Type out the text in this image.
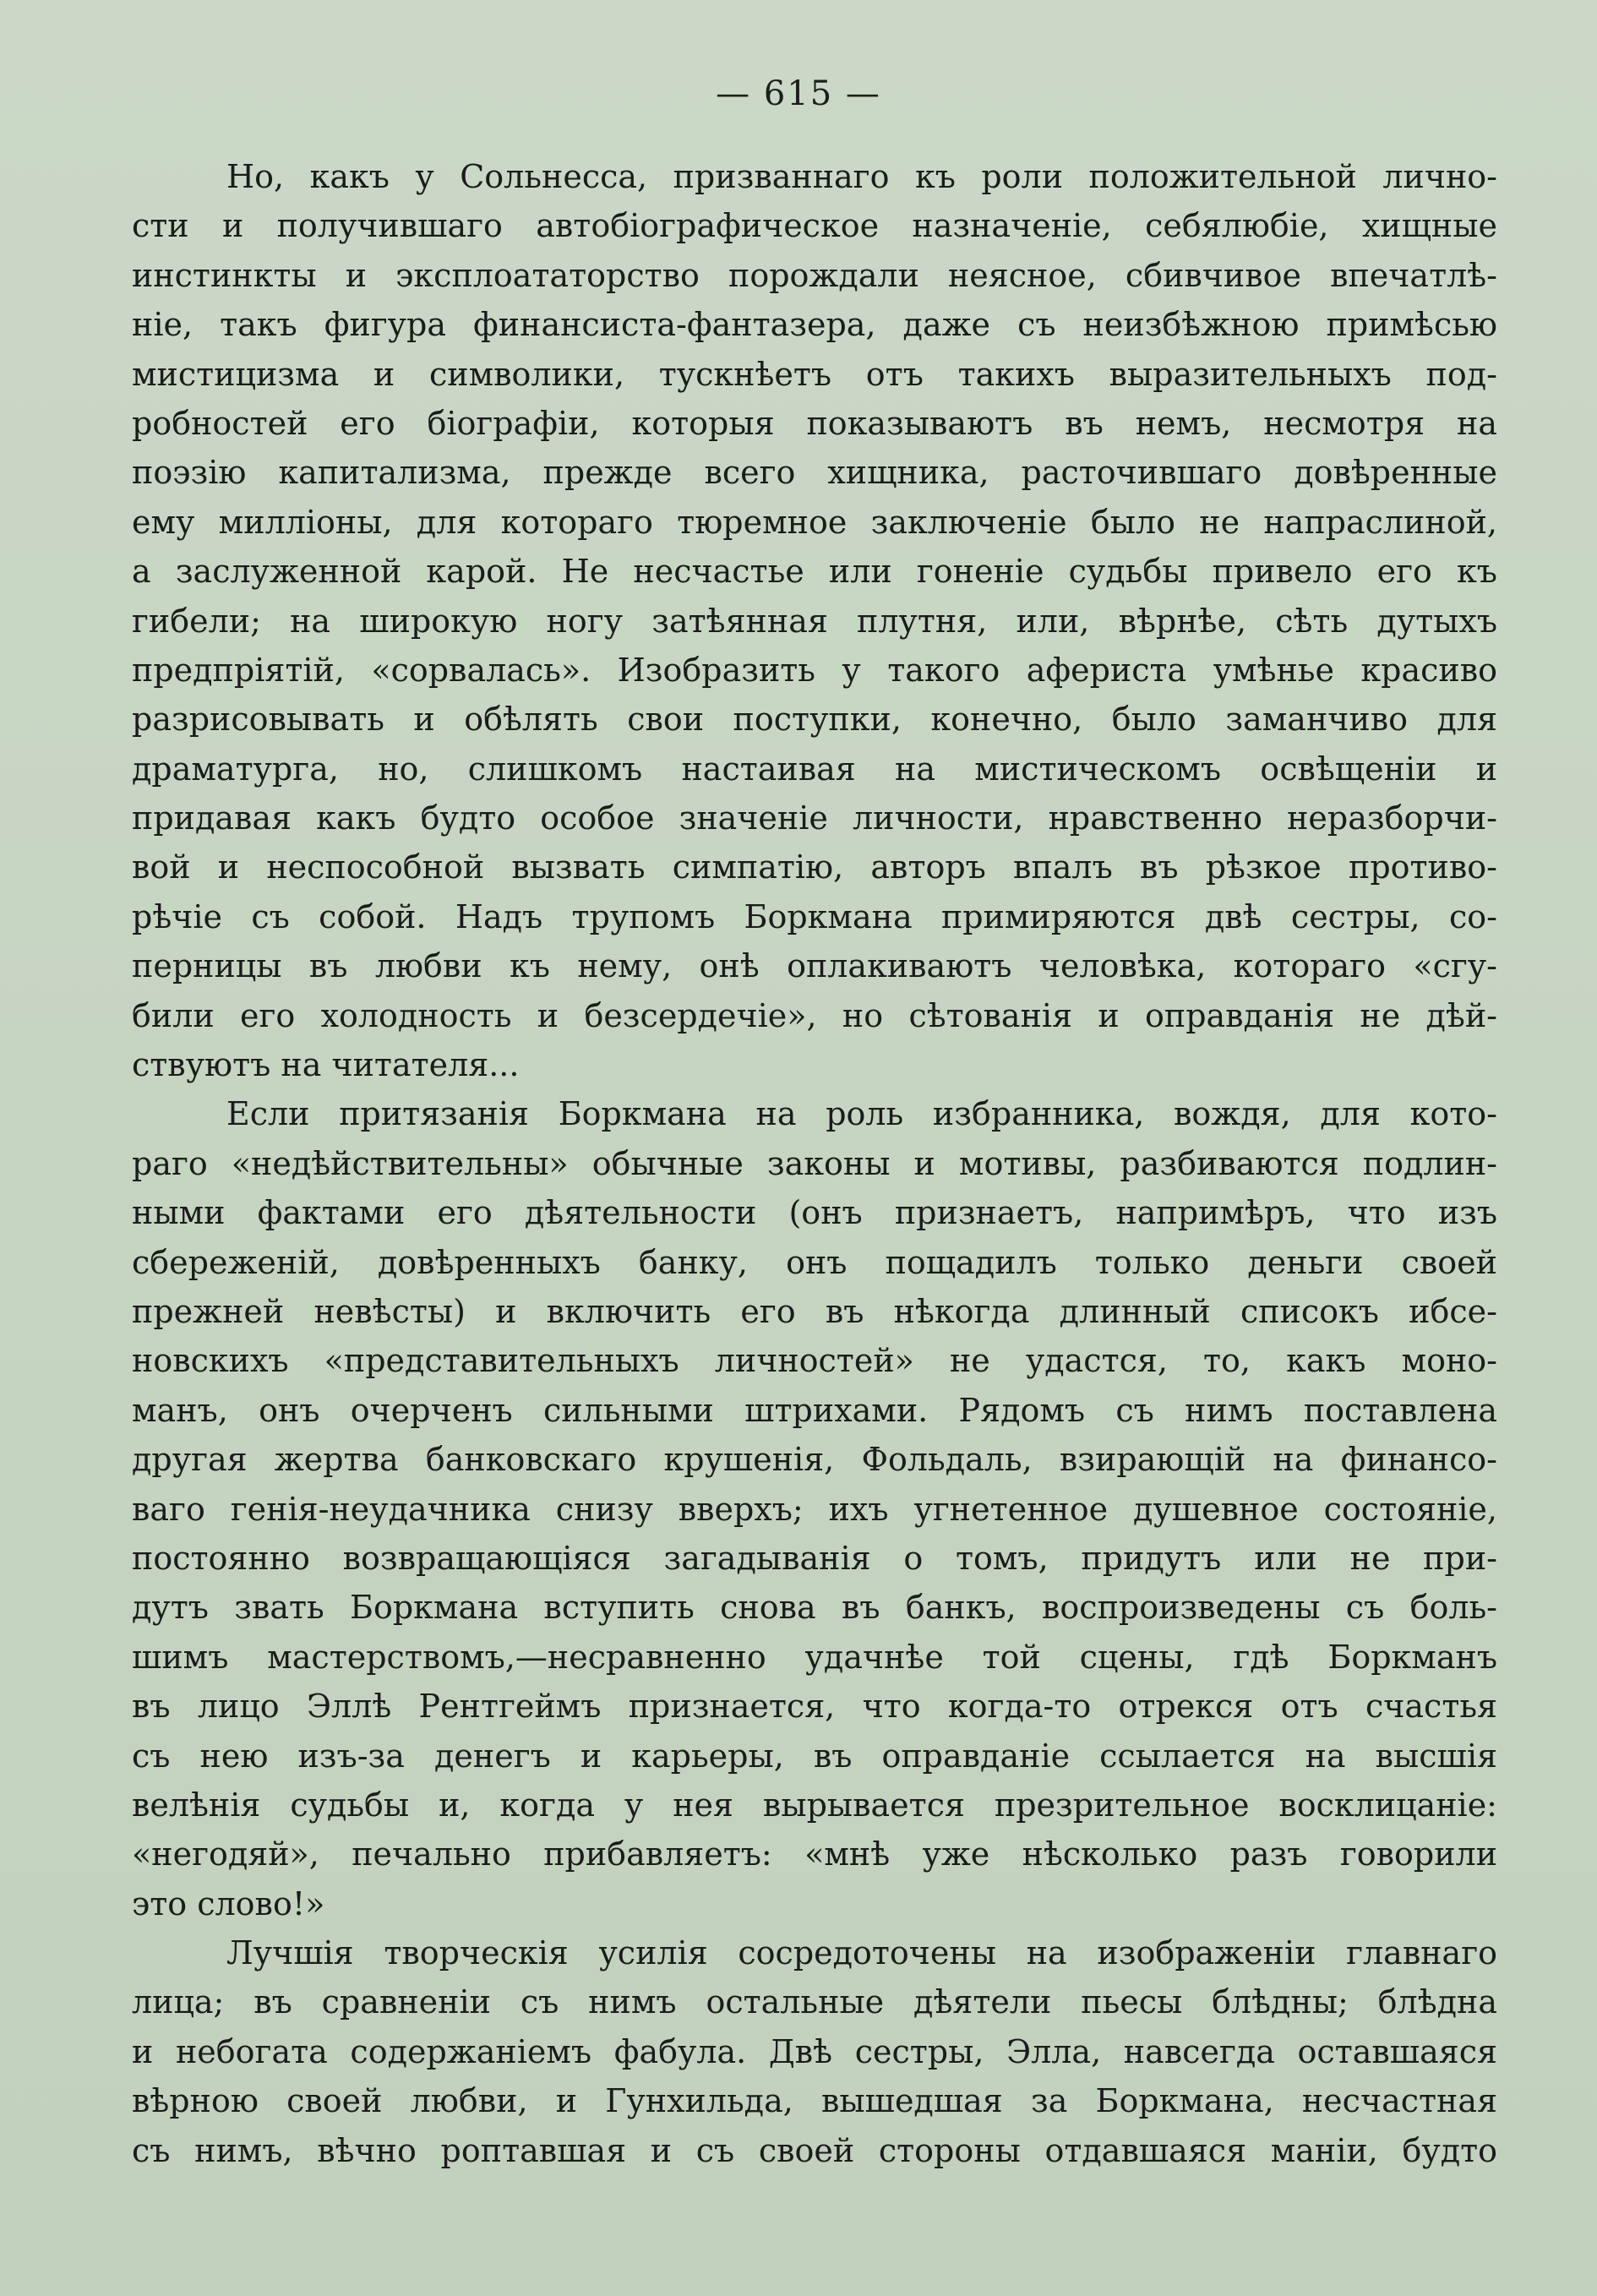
— 615 —
Но, какъ у Сольнесса, призваннаго къ роли положительной лично-
сти и получившаго автобіографическое назначеніе, себялюбіе, хищные
инстинкты и эксплоататорство порождали неясное, сбивчивое впечатлѣ-
ніе, такъ фигура финансиста-фантазера, даже съ неизбѣжною примѣсью
мистицизма и символики, тускнѣетъ отъ такихъ выразительныхъ под-
робностей его біографіи, которыя показываютъ въ немъ, несмотря на
поэзію капитализма, прежде всего хищника, расточившаго довѣренные
ему милліоны, для котораго тюремное заключеніе было не напраслиной,
а заслуженной карой. Не несчастье или гоненіе судьбы привело его къ
гибели; на широкую ногу затѣянная плутня, или, вѣрнѣе, сѣть дутыхъ
предпріятій, «сорвалась». Изобразить у такого афериста умѣнье красиво
разрисовывать и обѣлять свои поступки, конечно, было заманчиво для
драматурга, но, слишкомъ настаивая на мистическомъ освѣщеніи и
придавая какъ будто особое значеніе личности, нравственно неразборчи-
вой и неспособной вызвать симпатію, авторъ впалъ въ рѣзкое противо-
рѣчіе съ собой. Надъ трупомъ Боркмана примиряются двѣ сестры, со-
перницы въ любви къ нему, онѣ оплакиваютъ человѣка, котораго «сгу-
били его холодность и безсердечіе», но сѣтованія и оправданія не дѣй-
ствуютъ на читателя...
Если притязанія Боркмана на роль избранника, вождя, для кото-
раго «недѣйствительны» обычные законы и мотивы, разбиваются подлин-
ными фактами его дѣятельности (онъ признаетъ, напримѣръ, что изъ
сбереженій, довѣренныхъ банку, онъ пощадилъ только деньги своей
прежней невѣсты) и включить его въ нѣкогда длинный списокъ ибсе-
новскихъ «представительныхъ личностей» не удастся, то, какъ моно-
манъ, онъ очерченъ сильными штрихами. Рядомъ съ нимъ поставлена
другая жертва банковскаго крушенія, Фольдаль, взирающій на финансо-
ваго генія-неудачника снизу вверхъ; ихъ угнетенное душевное состояніе,
постоянно возвращающіяся загадыванія о томъ, придутъ или не при-
дутъ звать Боркмана вступить снова въ банкъ, воспроизведены съ боль-
шимъ мастерствомъ,—несравненно удачнѣе той сцены, гдѣ Боркманъ
въ лицо Эллѣ Рентгеймъ признается, что когда-то отрекся отъ счастья
съ нею изъ-за денегъ и карьеры, въ оправданіе ссылается на высшія
велѣнія судьбы и, когда у нея вырывается презрительное восклицаніе:
«негодяй», печально прибавляетъ: «мнѣ уже нѣсколько разъ говорили
это слово!»
Лучшія творческія усилія сосредоточены на изображеніи главнаго
лица; въ сравненіи съ нимъ остальные дѣятели пьесы блѣдны; блѣдна
и небогата содержаніемъ фабула. Двѣ сестры, Элла, навсегда оставшаяся
вѣрною своей любви, и Гунхильда, вышедшая за Боркмана, несчастная
съ нимъ, вѣчно роптавшая и съ своей стороны отдавшаяся маніи, будто
